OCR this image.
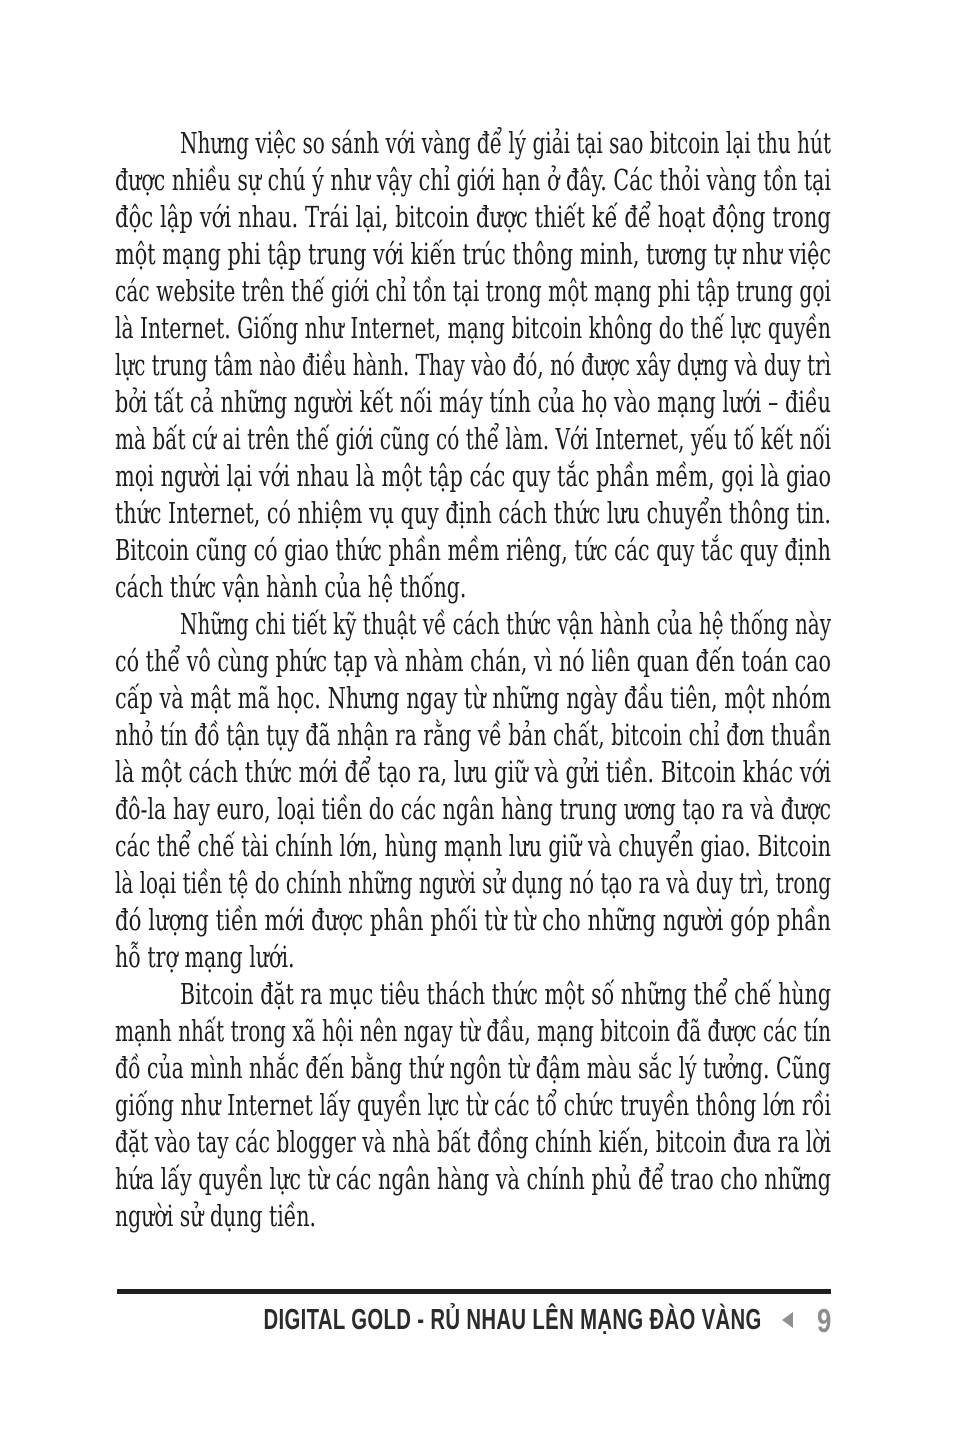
Nhưng việc so sánh với vàng để lý giải tại sao bitcoin lại thu hút
được nhiều sự chú ý như vậy chỉ giới hạn ở đây. Các thỏi vàng tồn tại
độc lập với nhau. Trái lại, bitcoin được thiết kế để hoạt động trong
một mạng phi tập trung với kiến trúc thông minh, tương tự như việc
các website trên thế giới chỉ tồn tại trong một mạng phi tập trung gọi
là Internet. Giống như Internet, mạng bitcoin không do thế lực quyền
lực trung tâm nào điều hành. Thay vào đó, nó được xây dựng và duy trì
bởi tất cả những người kết nối máy tính của họ vào mạng lưới – điều
mà bất cứ ai trên thế giới cũng có thể làm. Với Internet, yếu tố kết nối
mọi người lại với nhau là một tập các quy tắc phần mềm, gọi là giao
thức Internet, có nhiệm vụ quy định cách thức lưu chuyển thông tin.
Bitcoin cũng có giao thức phần mềm riêng, tức các quy tắc quy định
cách thức vận hành của hệ thống.
Những chi tiết kỹ thuật về cách thức vận hành của hệ thống này
có thể vô cùng phức tạp và nhàm chán, vì nó liên quan đến toán cao
cấp và mật mã học. Nhưng ngay từ những ngày đầu tiên, một nhóm
nhỏ tín đồ tận tụy đã nhận ra rằng về bản chất, bitcoin chỉ đơn thuần
là một cách thức mới để tạo ra, lưu giữ và gửi tiền. Bitcoin khác với
đô-la hay euro, loại tiền do các ngân hàng trung ương tạo ra và được
các thể chế tài chính lớn, hùng mạnh lưu giữ và chuyển giao. Bitcoin
là loại tiền tệ do chính những người sử dụng nó tạo ra và duy trì, trong
đó lượng tiền mới được phân phối từ từ cho những người góp phần
hỗ trợ mạng lưới.
Bitcoin đặt ra mục tiêu thách thức một số những thể chế hùng
mạnh nhất trong xã hội nên ngay từ đầu, mạng bitcoin đã được các tín
đồ của mình nhắc đến bằng thứ ngôn từ đậm màu sắc lý tưởng. Cũng
giống như Internet lấy quyền lực từ các tổ chức truyền thông lớn rồi
đặt vào tay các blogger và nhà bất đồng chính kiến, bitcoin đưa ra lời
hứa lấy quyền lực từ các ngân hàng và chính phủ để trao cho những
người sử dụng tiền.
DIGITAL GOLD - RỦ NHAU LÊN MẠNG ĐÀO VÀNG 9
